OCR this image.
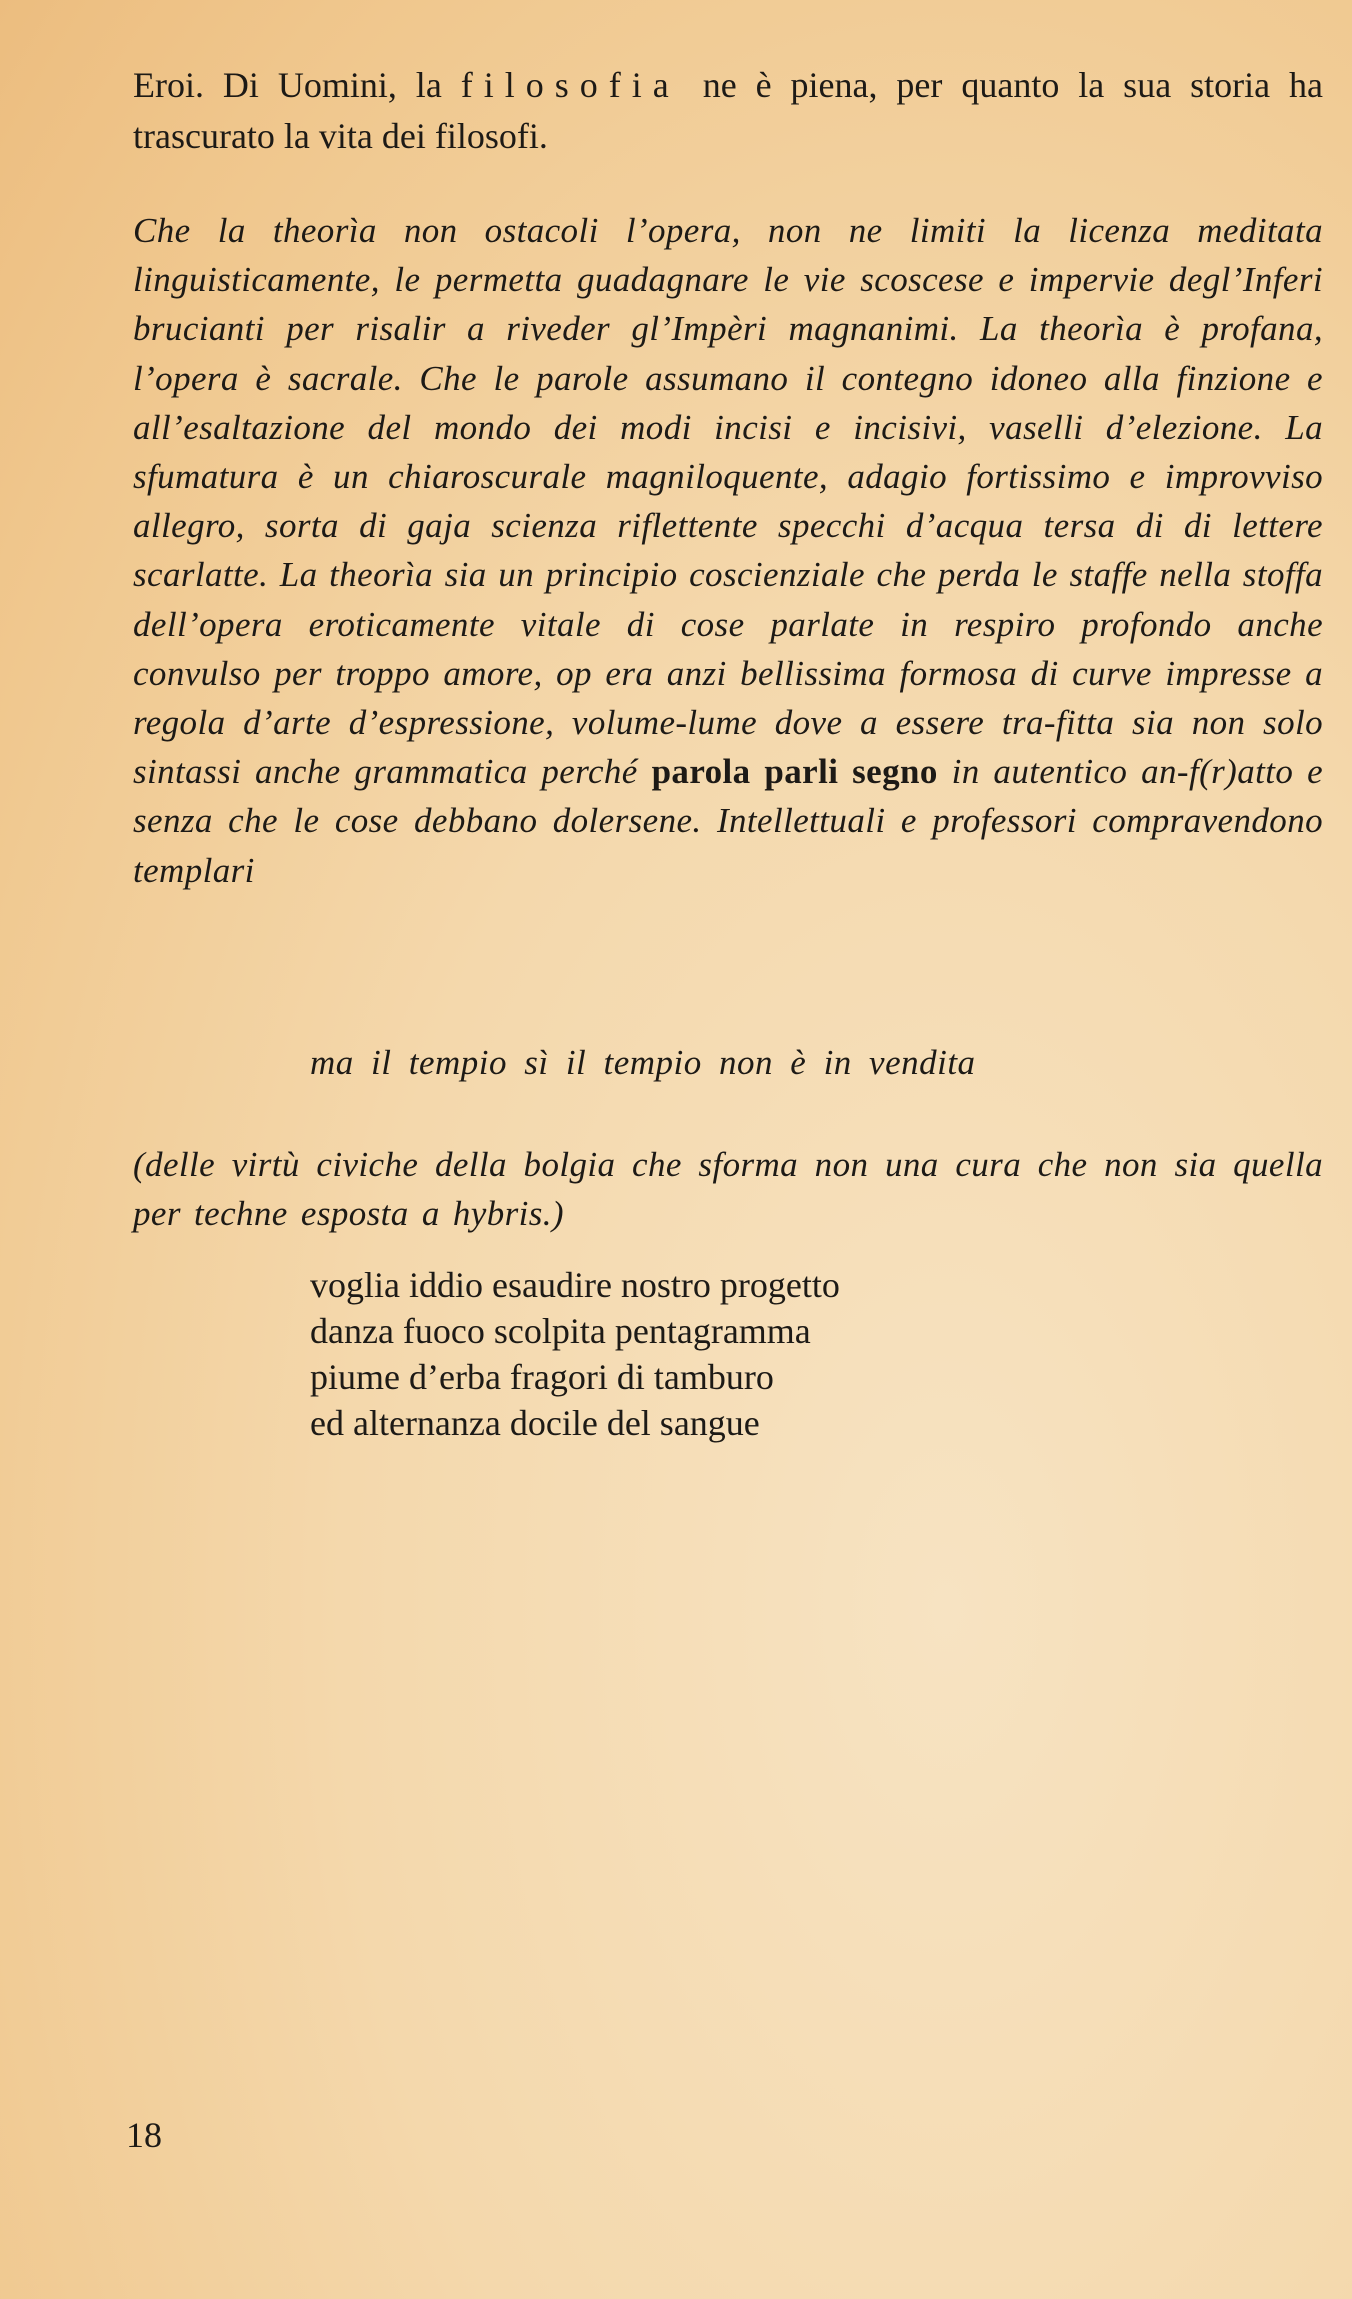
Eroi. Di Uomini, la filosofia ne è piena, per quanto la sua storia ha trascurato la vita dei filosofi.

Che la theorìa non ostacoli l’opera, non ne limiti la licenza meditata linguisticamente, le permetta guadagnare le vie scoscese e impervie degl’Inferi brucianti per risalir a riveder gl’Impèri magnanimi. La theorìa è profana, l’opera è sacrale. Che le parole assumano il contegno idoneo alla finzione e all’esaltazione del mondo dei modi incisi e incisivi, vaselli d’elezione. La sfumatura è un chiaroscurale magniloquente, adagio fortissimo e improvviso allegro, sorta di gaja scienza riflettente specchi d’acqua tersa di di lettere scarlatte. La theorìa sia un principio coscienziale che perda le staffe nella stoffa dell’opera eroticamente vitale di cose parlate in respiro profondo anche convulso per troppo amore, op era anzi bellissima formosa di curve impresse a regola d’arte d’espressione, volume-lume dove a essere tra-fitta sia non solo sintassi anche grammatica perché parola parli segno in autentico an-f(r)atto e senza che le cose debbano dolersene. Intellettuali e professori compravendono templari

ma il tempio sì il tempio non è in vendita

(delle virtù civiche della bolgia che sforma non una cura che non sia quella per techne esposta a hybris.)

voglia iddio esaudire nostro progetto
danza fuoco scolpita pentagramma
piume d’erba fragori di tamburo
ed alternanza docile del sangue
18
